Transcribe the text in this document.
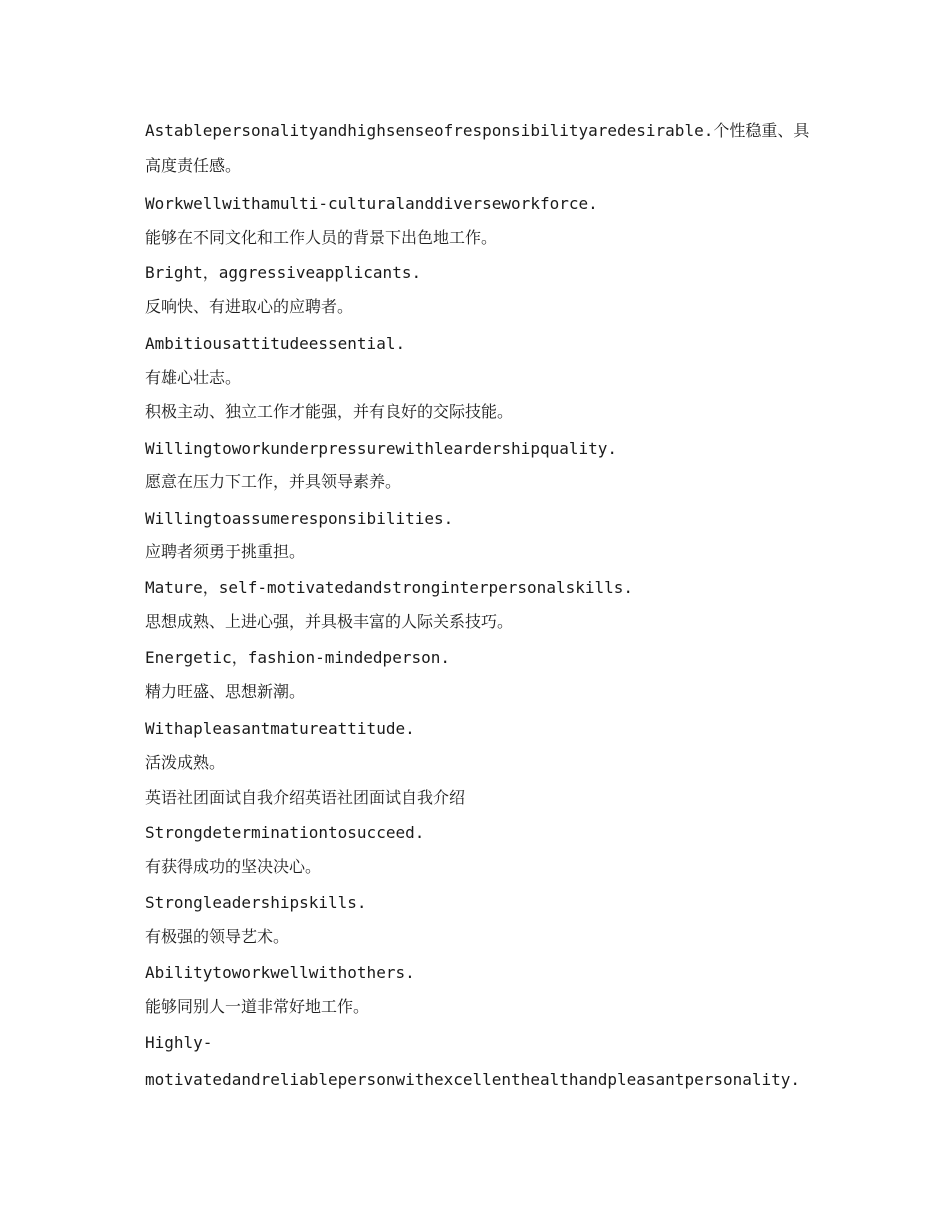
Astablepersonalityandhighsenseofresponsibilityaredesirable.个性稳重、具
高度责任感。
Workwellwithamulti-culturalanddiverseworkforce.
能够在不同文化和工作人员的背景下出色地工作。
Bright，aggressiveapplicants.
反响快、有进取心的应聘者。
Ambitiousattitudeessential.
有雄心壮志。
积极主动、独立工作才能强，并有良好的交际技能。
Willingtoworkunderpressurewithleardershipquality.
愿意在压力下工作，并具领导素养。
Willingtoassumeresponsibilities.
应聘者须勇于挑重担。
Mature，self-motivatedandstronginterpersonalskills.
思想成熟、上进心强，并具极丰富的人际关系技巧。
Energetic，fashion-mindedperson.
精力旺盛、思想新潮。
Withapleasantmatureattitude.
活泼成熟。
英语社团面试自我介绍英语社团面试自我介绍
Strongdeterminationtosucceed.
有获得成功的坚决决心。
Strongleadershipskills.
有极强的领导艺术。
Abilitytoworkwellwithothers.
能够同别人一道非常好地工作。
Highly-
motivatedandreliablepersonwithexcellenthealthandpleasantpersonality.
